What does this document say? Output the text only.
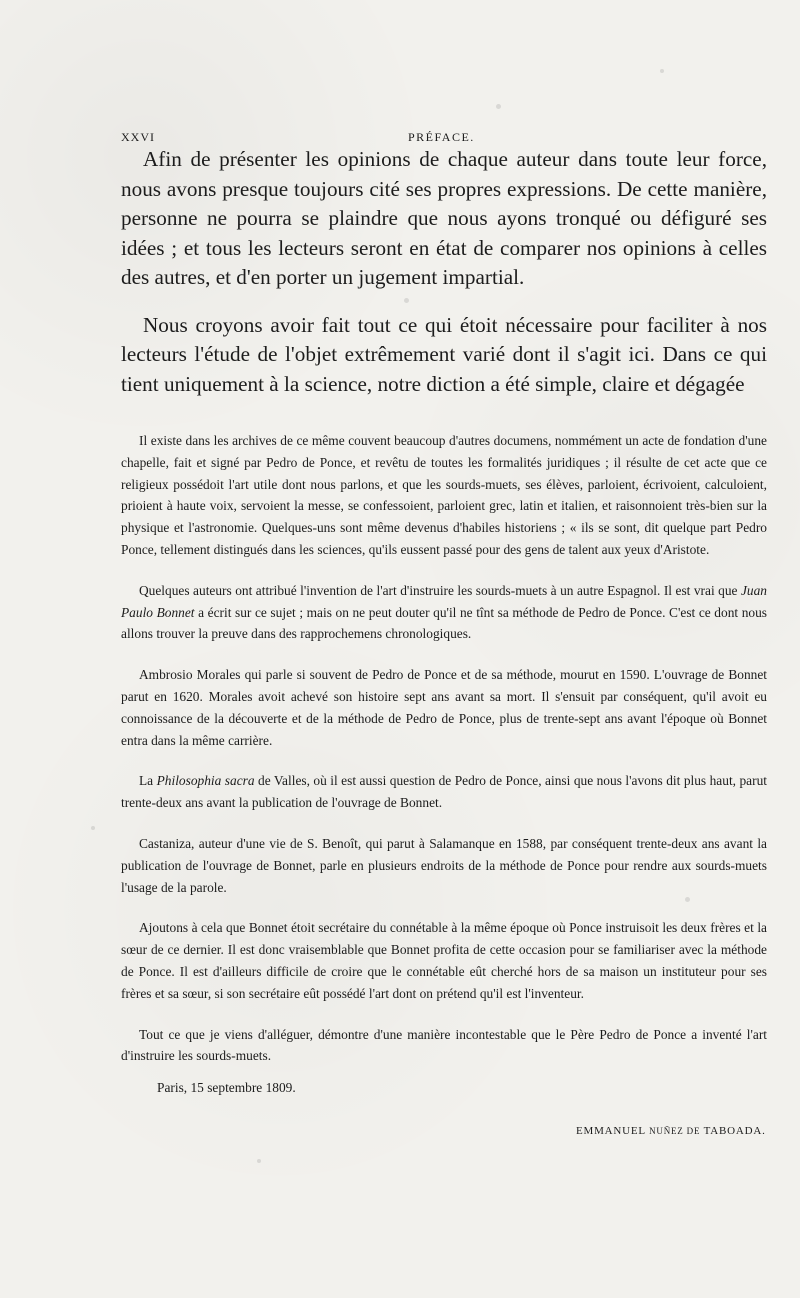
XXVI	PRÉFACE.

Afin de présenter les opinions de chaque auteur dans toute leur force, nous avons presque toujours cité ses propres expressions. De cette manière, personne ne pourra se plaindre que nous ayons tronqué ou défiguré ses idées ; et tous les lecteurs seront en état de comparer nos opinions à celles des autres, et d'en porter un jugement impartial.

Nous croyons avoir fait tout ce qui étoit nécessaire pour faciliter à nos lecteurs l'étude de l'objet extrêmement varié dont il s'agit ici. Dans ce qui tient uniquement à la science, notre diction a été simple, claire et dégagée

Il existe dans les archives de ce même couvent beaucoup d'autres documens, nommément un acte de fondation d'une chapelle, fait et signé par Pedro de Ponce, et revêtu de toutes les formalités juridiques ; il résulte de cet acte que ce religieux possédoit l'art utile dont nous parlons, et que les sourds-muets, ses élèves, parloient, écrivoient, calculoient, prioient à haute voix, servoient la messe, se confessoient, parloient grec, latin et italien, et raisonnoient très-bien sur la physique et l'astronomie. Quelques-uns sont même devenus d'habiles historiens ; « ils se sont, dit quelque part Pedro Ponce, tellement distingués dans les sciences, qu'ils eussent passé pour des gens de talent aux yeux d'Aristote.

Quelques auteurs ont attribué l'invention de l'art d'instruire les sourds-muets à un autre Espagnol. Il est vrai que Juan Paulo Bonnet a écrit sur ce sujet ; mais on ne peut douter qu'il ne tînt sa méthode de Pedro de Ponce. C'est ce dont nous allons trouver la preuve dans des rapprochemens chronologiques.

Ambrosio Morales qui parle si souvent de Pedro de Ponce et de sa méthode, mourut en 1590. L'ouvrage de Bonnet parut en 1620. Morales avoit achevé son histoire sept ans avant sa mort. Il s'ensuit par conséquent, qu'il avoit eu connoissance de la découverte et de la méthode de Pedro de Ponce, plus de trente-sept ans avant l'époque où Bonnet entra dans la même carrière.

La Philosophia sacra de Valles, où il est aussi question de Pedro de Ponce, ainsi que nous l'avons dit plus haut, parut trente-deux ans avant la publication de l'ouvrage de Bonnet.

Castaniza, auteur d'une vie de S. Benoît, qui parut à Salamanque en 1588, par conséquent trente-deux ans avant la publication de l'ouvrage de Bonnet, parle en plusieurs endroits de la méthode de Ponce pour rendre aux sourds-muets l'usage de la parole.

Ajoutons à cela que Bonnet étoit secrétaire du connétable à la même époque où Ponce instruisoit les deux frères et la sœur de ce dernier. Il est donc vraisemblable que Bonnet profita de cette occasion pour se familiariser avec la méthode de Ponce. Il est d'ailleurs difficile de croire que le connétable eût cherché hors de sa maison un instituteur pour ses frères et sa sœur, si son secrétaire eût possédé l'art dont on prétend qu'il est l'inventeur.

Tout ce que je viens d'alléguer, démontre d'une manière incontestable que le Père Pedro de Ponce a inventé l'art d'instruire les sourds-muets.

Paris, 15 septembre 1809.

EMMANUEL NUÑEZ DE TABOADA.
